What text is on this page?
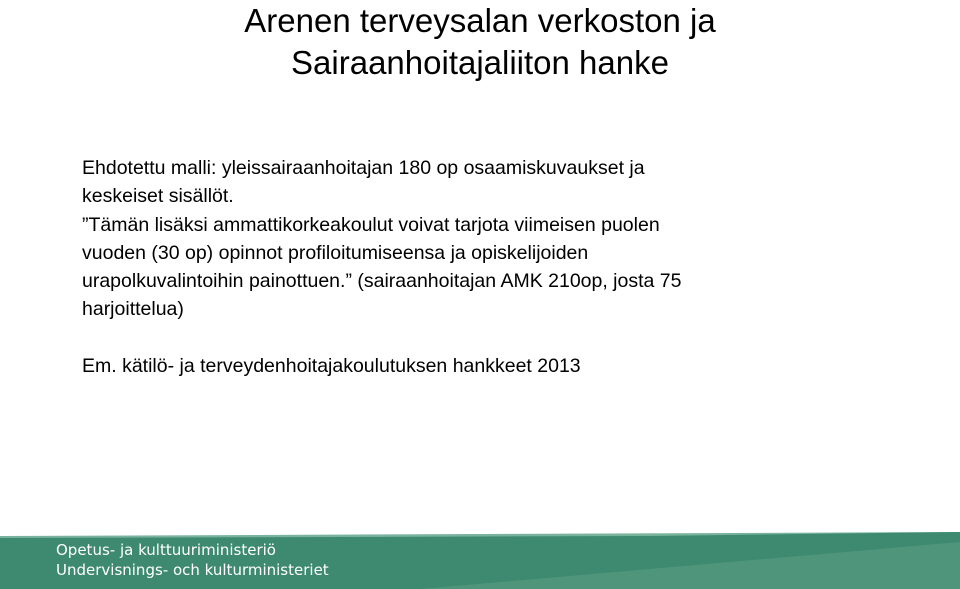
Arenen terveysalan verkoston ja
Sairaanhoitajaliiton hanke

Ehdotettu malli: yleissairaanhoitajan 180 op osaamiskuvaukset ja
keskeiset sisällöt.

”Tämän lisäksi ammattikorkeakoulut voivat tarjota viimeisen puolen
vuoden (30 op) opinnot profiloitumiseensa ja opiskelijoiden
urapolkuvalintoihin painottuen.” (sairaanhoitajan AMK 210op, josta 75
harjoittelua)

Em. kätilö- ja terveydenhoitajakoulutuksen hankkeet 2013

Opetus- ja kulttuuriministeriö
Undervisnings- och kulturministeriet
